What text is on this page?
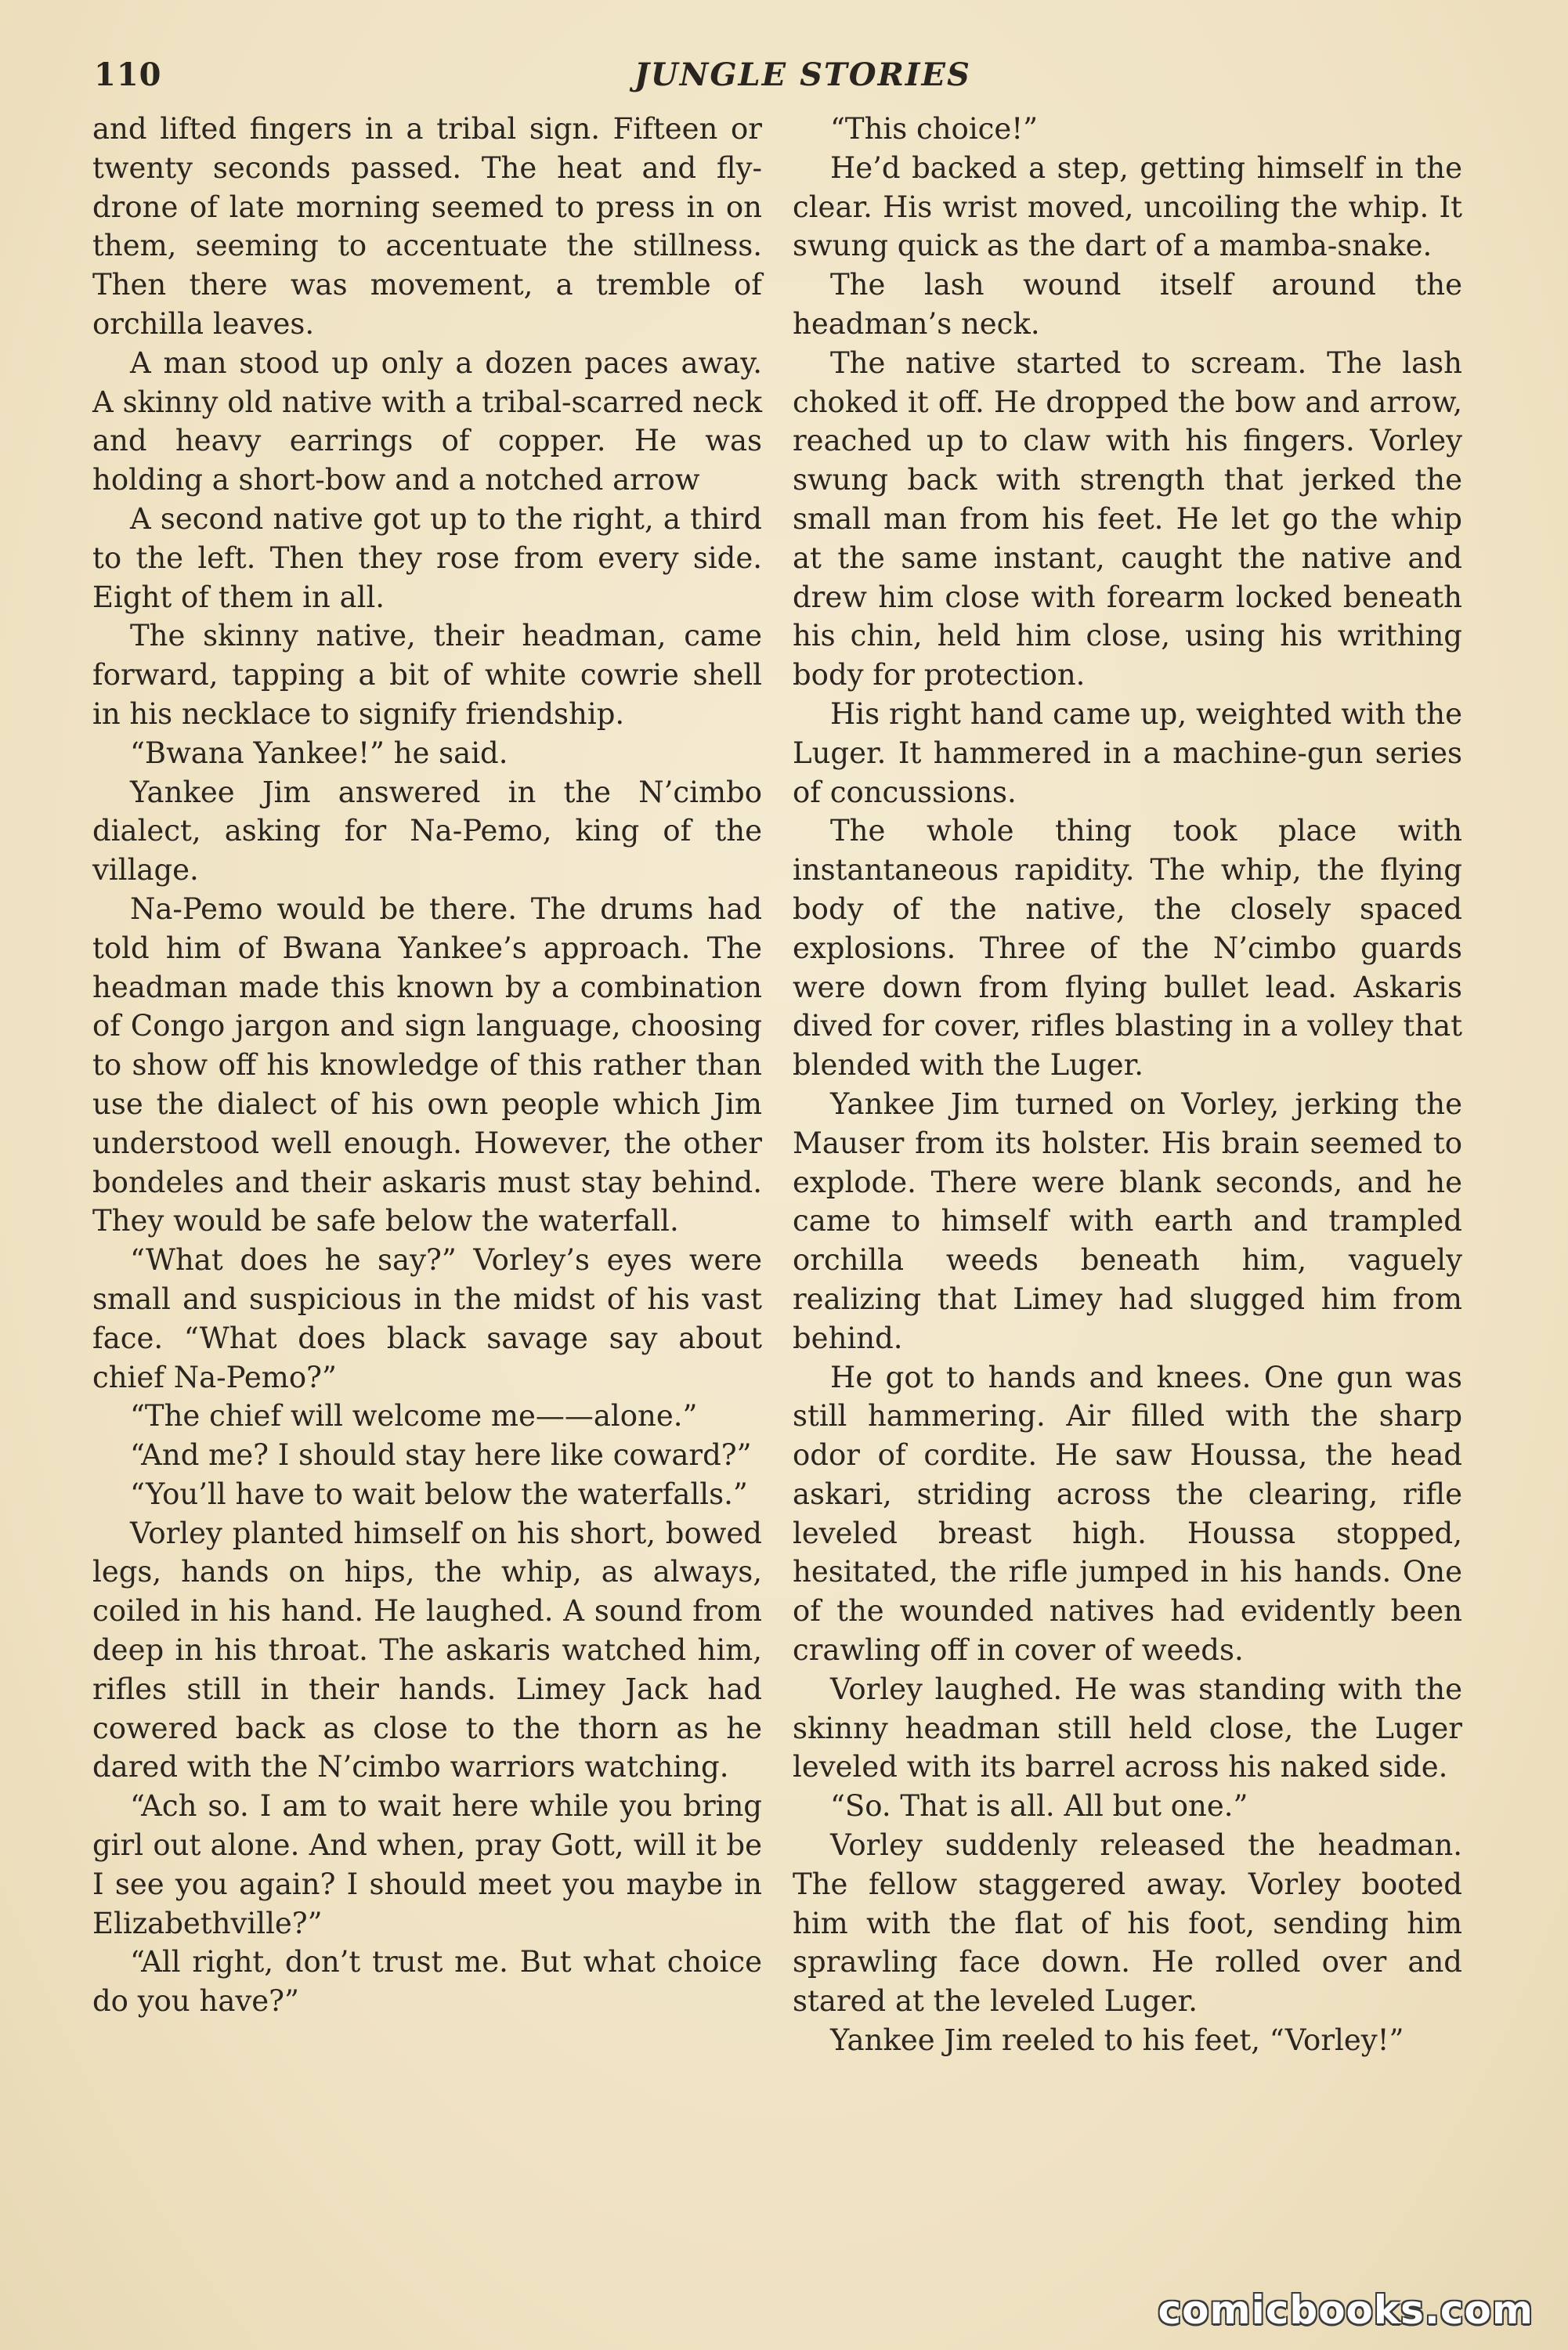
110	JUNGLE STORIES

and lifted fingers in a tribal sign. Fifteen or twenty seconds passed. The heat and fly-drone of late morning seemed to press in on them, seeming to accentuate the stillness. Then there was movement, a tremble of orchilla leaves.

A man stood up only a dozen paces away. A skinny old native with a tribal-scarred neck and heavy earrings of copper. He was holding a short-bow and a notched arrow

A second native got up to the right, a third to the left. Then they rose from every side. Eight of them in all.

The skinny native, their headman, came forward, tapping a bit of white cowrie shell in his necklace to signify friendship.

“Bwana Yankee!” he said.

Yankee Jim answered in the N’cimbo dialect, asking for Na-Pemo, king of the village.

Na-Pemo would be there. The drums had told him of Bwana Yankee’s approach. The headman made this known by a combination of Congo jargon and sign language, choosing to show off his knowledge of this rather than use the dialect of his own people which Jim understood well enough. However, the other bondeles and their askaris must stay behind. They would be safe below the waterfall.

“What does he say?” Vorley’s eyes were small and suspicious in the midst of his vast face. “What does black savage say about chief Na-Pemo?”

“The chief will welcome me——alone.”

“And me? I should stay here like coward?”

“You’ll have to wait below the waterfalls.”

Vorley planted himself on his short, bowed legs, hands on hips, the whip, as always, coiled in his hand. He laughed. A sound from deep in his throat. The askaris watched him, rifles still in their hands. Limey Jack had cowered back as close to the thorn as he dared with the N’cimbo warriors watching.

“Ach so. I am to wait here while you bring girl out alone. And when, pray Gott, will it be I see you again? I should meet you maybe in Elizabethville?”

“All right, don’t trust me. But what choice do you have?”

“This choice!”

He’d backed a step, getting himself in the clear. His wrist moved, uncoiling the whip. It swung quick as the dart of a mamba-snake.

The lash wound itself around the headman’s neck.

The native started to scream. The lash choked it off. He dropped the bow and arrow, reached up to claw with his fingers. Vorley swung back with strength that jerked the small man from his feet. He let go the whip at the same instant, caught the native and drew him close with forearm locked beneath his chin, held him close, using his writhing body for protection.

His right hand came up, weighted with the Luger. It hammered in a machine-gun series of concussions.

The whole thing took place with instantaneous rapidity. The whip, the flying body of the native, the closely spaced explosions. Three of the N’cimbo guards were down from flying bullet lead. Askaris dived for cover, rifles blasting in a volley that blended with the Luger.

Yankee Jim turned on Vorley, jerking the Mauser from its holster. His brain seemed to explode. There were blank seconds, and he came to himself with earth and trampled orchilla weeds beneath him, vaguely realizing that Limey had slugged him from behind.

He got to hands and knees. One gun was still hammering. Air filled with the sharp odor of cordite. He saw Houssa, the head askari, striding across the clearing, rifle leveled breast high. Houssa stopped, hesitated, the rifle jumped in his hands. One of the wounded natives had evidently been crawling off in cover of weeds.

Vorley laughed. He was standing with the skinny headman still held close, the Luger leveled with its barrel across his naked side.

“So. That is all. All but one.”

Vorley suddenly released the headman. The fellow staggered away. Vorley booted him with the flat of his foot, sending him sprawling face down. He rolled over and stared at the leveled Luger.

Yankee Jim reeled to his feet, “Vorley!”

comicbooks.com
